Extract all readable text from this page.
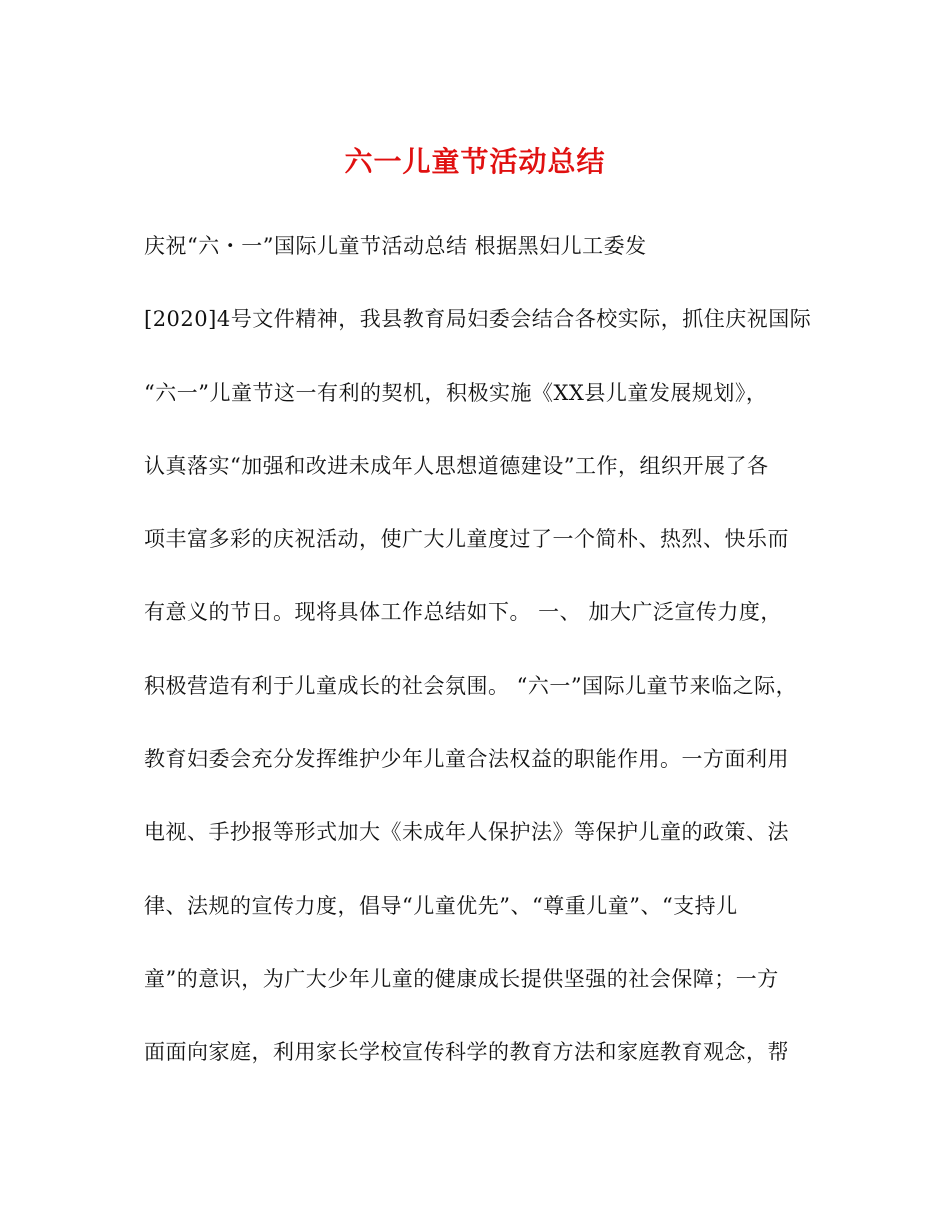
六一儿童节活动总结
庆祝“六・一”国际儿童节活动总结 根据黑妇儿工委发
[2020]4号文件精神，我县教育局妇委会结合各校实际，抓住庆祝国际
“六一”儿童节这一有利的契机，积极实施《XX县儿童发展规划》，
认真落实“加强和改进未成年人思想道德建设”工作，组织开展了各
项丰富多彩的庆祝活动，使广大儿童度过了一个简朴、热烈、快乐而
有意义的节日。现将具体工作总结如下。 一、 加大广泛宣传力度，
积极营造有利于儿童成长的社会氛围。 “六一”国际儿童节来临之际，
教育妇委会充分发挥维护少年儿童合法权益的职能作用。一方面利用
电视、手抄报等形式加大《未成年人保护法》等保护儿童的政策、法
律、法规的宣传力度，倡导“儿童优先”、“尊重儿童”、“支持儿
童”的意识，为广大少年儿童的健康成长提供坚强的社会保障；一方
面面向家庭，利用家长学校宣传科学的教育方法和家庭教育观念，帮
